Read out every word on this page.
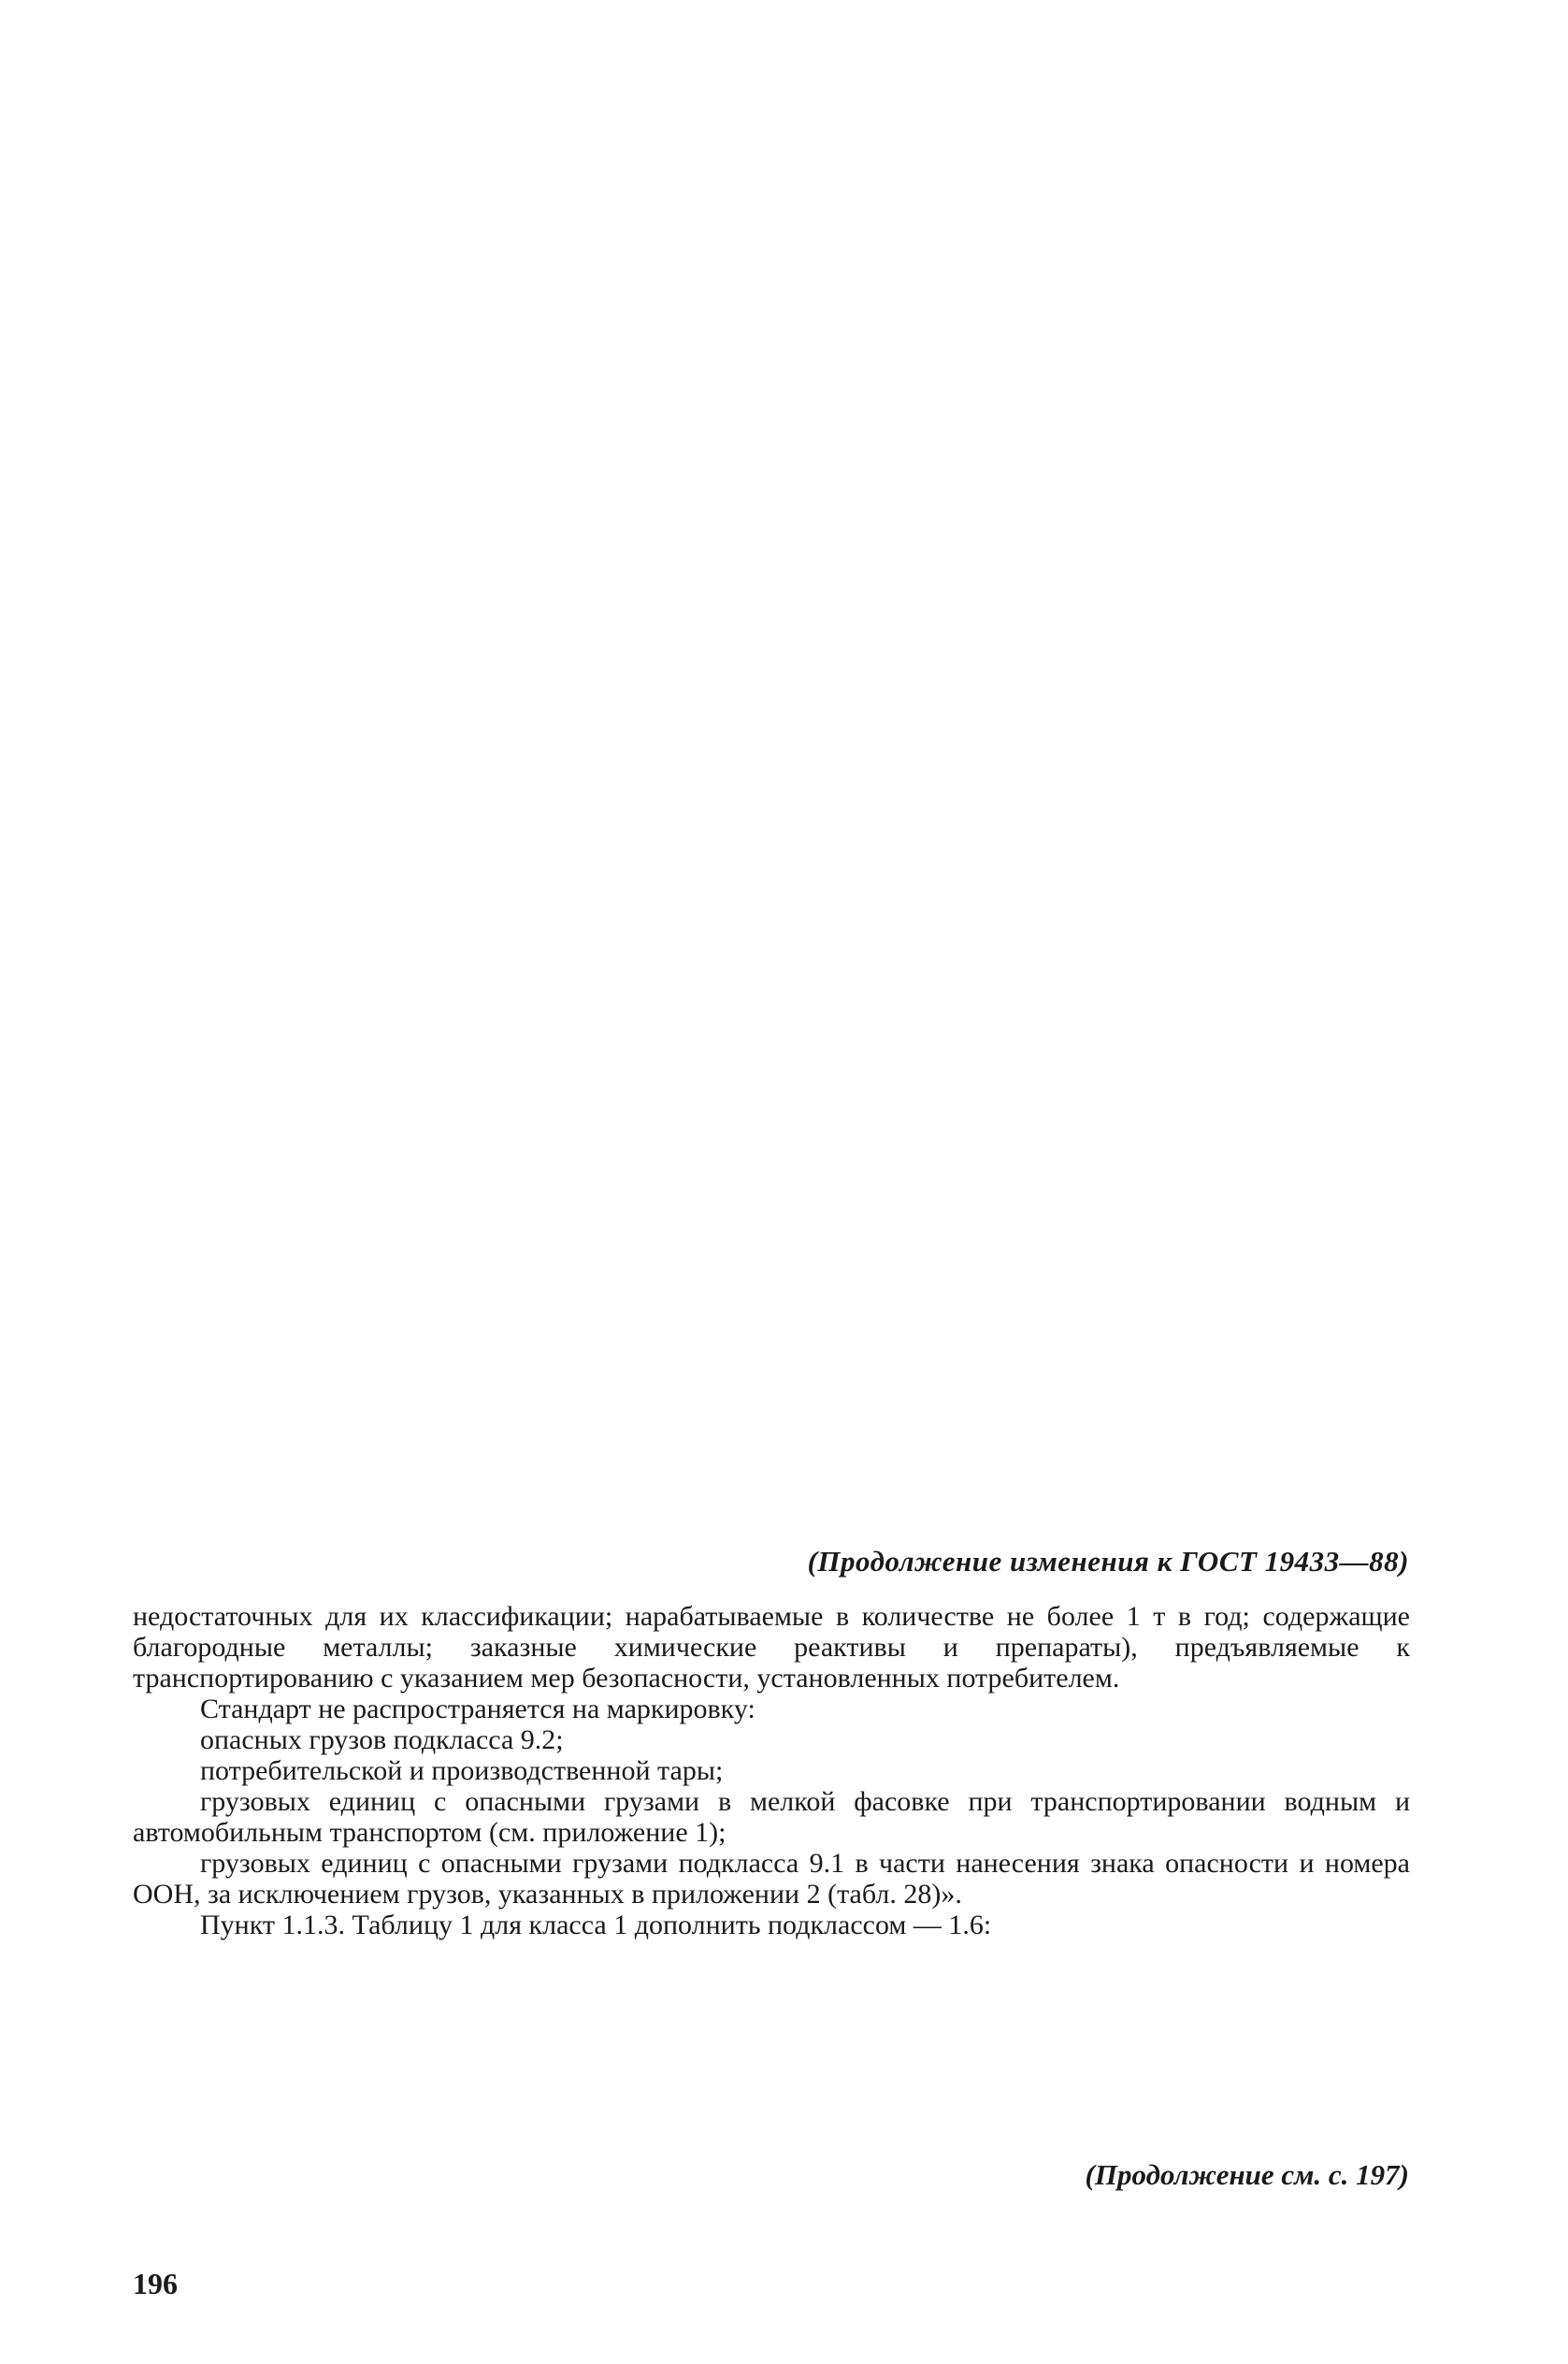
(Продолжение изменения к ГОСТ 19433—88)

недостаточных для их классификации; нарабатываемые в количестве не более 1 т в год; содержащие благородные металлы; заказные химические реактивы и препараты), предъявляемые к транспортированию с указанием мер безопасности, установленных потребителем.

Стандарт не распространяется на маркировку:

опасных грузов подкласса 9.2;

потребительской и производственной тары;

грузовых единиц с опасными грузами в мелкой фасовке при транспортировании водным и автомобильным транспортом (см. приложение 1);

грузовых единиц с опасными грузами подкласса 9.1 в части нанесения знака опасности и номера ООН, за исключением грузов, указанных в приложении 2 (табл. 28)».

Пункт 1.1.3. Таблицу 1 для класса 1 дополнить подклассом — 1.6:

(Продолжение см. с. 197)
196
